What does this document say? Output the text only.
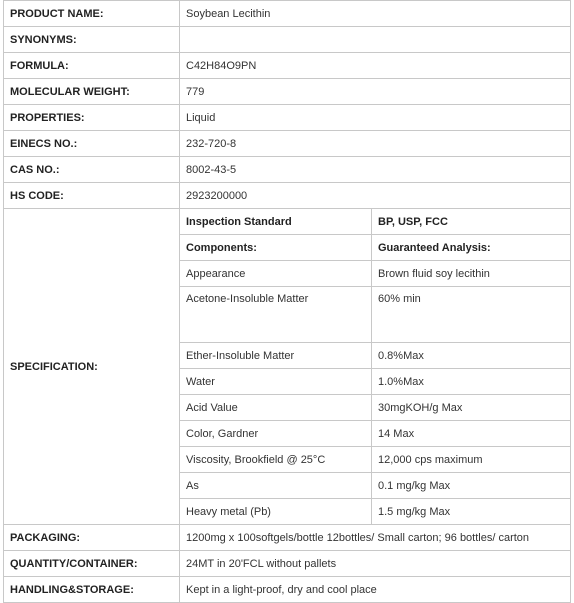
PRODUCT NAME:	Soybean Lecithin
SYNONYMS:	
FORMULA:	C42H84O9PN
MOLECULAR WEIGHT:	779
PROPERTIES:	Liquid
EINECS NO.:	232-720-8
CAS NO.:	8002-43-5
HS CODE:	2923200000
SPECIFICATION:	
Inspection Standard	BP, USP, FCC
Components:	Guaranteed Analysis:
Appearance	Brown fluid soy lecithin
Acetone-Insoluble Matter	60% min
Ether-Insoluble Matter	0.8%Max
Water	1.0%Max
Acid Value	30mgKOH/g Max
Color, Gardner	14 Max
Viscosity, Brookfield @ 25°C	12,000 cps maximum
As	0.1 mg/kg Max
Heavy metal (Pb)	1.5 mg/kg Max

PACKAGING:	1200mg x 100softgels/bottle 12bottles/ Small carton; 96 bottles/ carton
QUANTITY/CONTAINER:	24MT in 20'FCL without pallets
HANDLING&STORAGE:	Kept in a light-proof, dry and cool place
